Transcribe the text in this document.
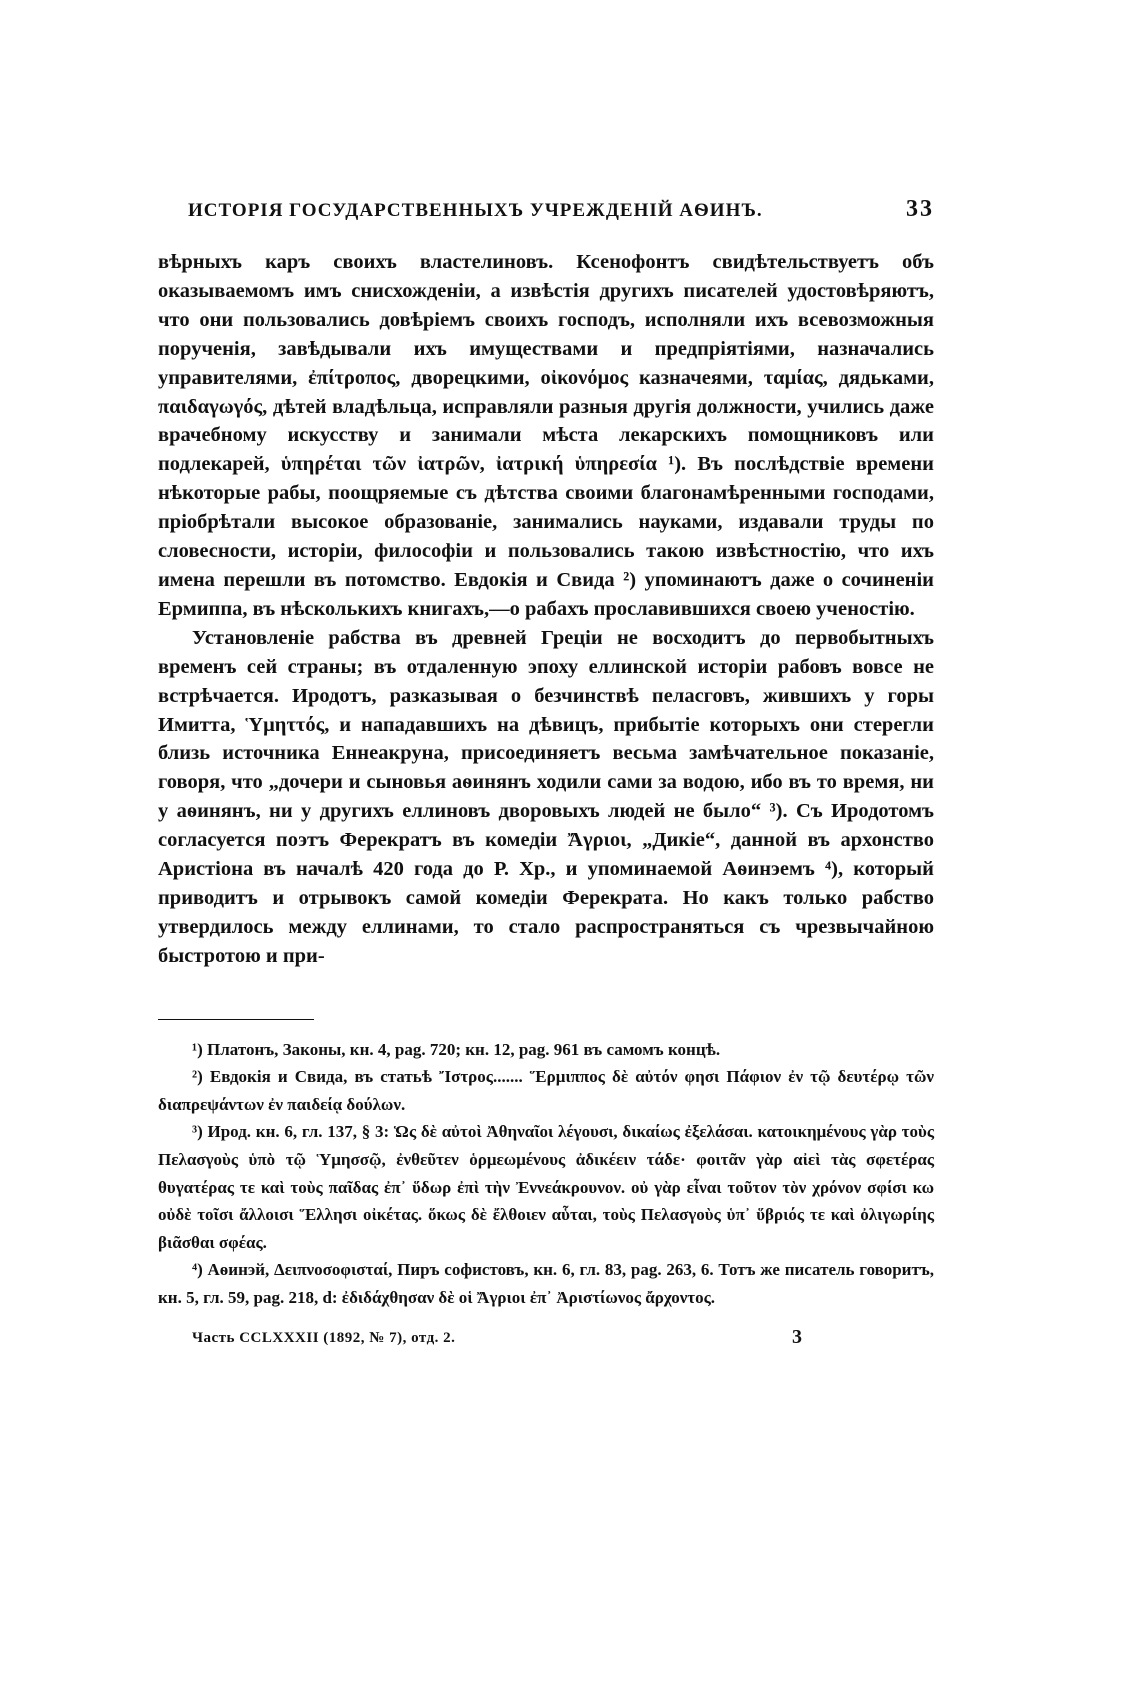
ИСТОРІЯ ГОСУДАРСТВЕННЫХЪ УЧРЕЖДЕНІЙ АѲИНЪ.	33

вѣрныхъ каръ своихъ властелиновъ. Ксенофонтъ свидѣтельствуетъ объ оказываемомъ имъ снисхожденіи, а извѣстія другихъ писателей удостовѣряютъ, что они пользовались довѣріемъ своихъ господъ, исполняли ихъ всевозможныя порученія, завѣдывали ихъ имуществами и предпріятіями, назначались управителями, ἐπίτροπος, дворецкими, οἰκονόμος казначеями, ταμίας, дядьками, παιδαγωγός, дѣтей владѣльца, исправляли разныя другія должности, учились даже врачебному искусству и занимали мѣста лекарскихъ помощниковъ или подлекарей, ὑπηρέται τῶν ἰατρῶν, ἰατρική ὑπηρεσία ¹). Въ послѣдствіе времени нѣкоторые рабы, поощряемые съ дѣтства своими благонамѣренными господами, пріобрѣтали высокое образованіе, занимались науками, издавали труды по словесности, исторіи, философіи и пользовались такою извѣстностію, что ихъ имена перешли въ потомство. Евдокія и Свида ²) упоминаютъ даже о сочиненіи Ермиппа, въ нѣсколькихъ книгахъ,—о рабахъ прославившихся своею ученостію.

Установленіе рабства въ древней Греціи не восходитъ до первобытныхъ временъ сей страны; въ отдаленную эпоху еллинской исторіи рабовъ вовсе не встрѣчается. Иродотъ, разказывая о безчинствѣ пеласговъ, жившихъ у горы Имитта, Ὑμηττός, и нападавшихъ на дѣвицъ, прибытіе которыхъ они стерегли близь источника Еннеакруна, присоединяетъ весьма замѣчательное показаніе, говоря, что „дочери и сыновья аѳинянъ ходили сами за водою, ибо въ то время, ни у аѳинянъ, ни у другихъ еллиновъ дворовыхъ людей не было“ ³). Съ Иродотомъ согласуется поэтъ Ферекратъ въ комедіи Ἄγριοι, „Дикіе“, данной въ архонство Аристіона въ началѣ 420 года до Р. Хр., и упоминаемой Аѳинэемъ ⁴), который приводитъ и отрывокъ самой комедіи Ферекрата. Но какъ только рабство утвердилось между еллинами, то стало распространяться съ чрезвычайною быстротою и при-

¹) Платонъ, Законы, кн. 4, pag. 720; кн. 12, pag. 961 въ самомъ концѣ.

²) Евдокія и Свида, въ статьѣ Ἴστρος....... Ἕρμιππος δὲ αὐτόν φησι Πάφιον ἐν τῷ δευτέρῳ τῶν διαπρεψάντων ἐν παιδείᾳ δούλων.

³) Ирод. кн. 6, гл. 137, § 3: Ὡς δὲ αὐτοὶ Ἀθηναῖοι λέγουσι, δικαίως ἐξελάσαι. κατοικημένους γὰρ τοὺς Πελασγοὺς ὑπὸ τῷ Ὑμησσῷ, ἐνθεῦτεν ὁρμεωμένους ἀδικέειν τάδε· φοιτᾶν γὰρ αἰεὶ τὰς σφετέρας θυγατέρας τε καὶ τοὺς παῖδας ἐπ᾽ ὕδωρ ἐπὶ τὴν Ἐννεάκρουνον. οὐ γὰρ εἶναι τοῦτον τὸν χρόνον σφίσι κω οὐδὲ τοῖσι ἄλλοισι Ἕλλησι οἰκέτας. ὅκως δὲ ἔλθοιεν αὗται, τοὺς Πελασγοὺς ὑπ᾽ ὕβριός τε καὶ ὀλιγωρίης βιᾶσθαι σφέας.

⁴) Аѳинэй, Δειπνοσοφισταί, Пиръ софистовъ, кн. 6, гл. 83, pag. 263, 6. Тотъ же писатель говоритъ, кн. 5, гл. 59, pag. 218, d: ἐδιδάχθησαν δὲ οἱ Ἄγριοι ἐπ᾽ Ἀριστίωνος ἄρχοντος.

Часть CCLXXXII (1892, № 7), отд. 2.	3
